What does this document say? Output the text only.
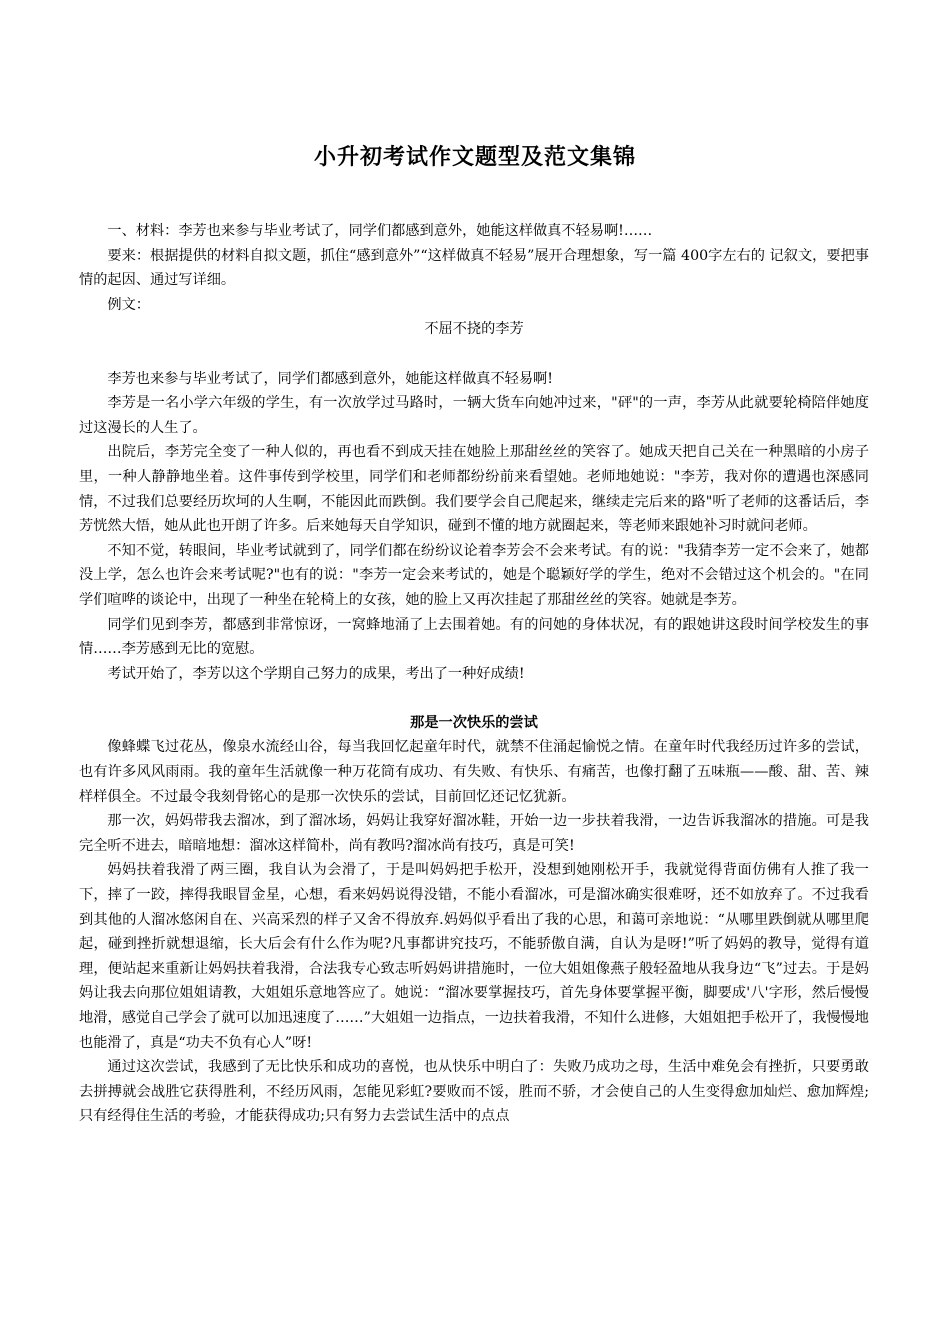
小升初考试作文题型及范文集锦

一、材料：李芳也来参与毕业考试了，同学们都感到意外，她能这样做真不轻易啊!……

要来：根据提供的材料自拟文题，抓住“感到意外”“这样做真不轻易”展开合理想象，写一篇 400字左右的 记叙文，要把事情的起因、通过写详细。

例文：

不屈不挠的李芳

李芳也来参与毕业考试了，同学们都感到意外，她能这样做真不轻易啊!

李芳是一名小学六年级的学生，有一次放学过马路时，一辆大货车向她冲过来，"砰"的一声，李芳从此就要轮椅陪伴她度过这漫长的人生了。

出院后，李芳完全变了一种人似的，再也看不到成天挂在她脸上那甜丝丝的笑容了。她成天把自己关在一种黑暗的小房子里，一种人静静地坐着。这件事传到学校里，同学们和老师都纷纷前来看望她。老师地她说："李芳，我对你的遭遇也深感同情，不过我们总要经历坎坷的人生啊，不能因此而跌倒。我们要学会自己爬起来，继续走完后来的路"听了老师的这番话后，李芳恍然大悟，她从此也开朗了许多。后来她每天自学知识，碰到不懂的地方就圈起来，等老师来跟她补习时就问老师。

不知不觉，转眼间，毕业考试就到了，同学们都在纷纷议论着李芳会不会来考试。有的说："我猜李芳一定不会来了，她都没上学，怎么也许会来考试呢?"也有的说："李芳一定会来考试的，她是个聪颖好学的学生，绝对不会错过这个机会的。"在同学们喧哗的谈论中，出现了一种坐在轮椅上的女孩，她的脸上又再次挂起了那甜丝丝的笑容。她就是李芳。

同学们见到李芳，都感到非常惊讶，一窝蜂地涌了上去围着她。有的问她的身体状况，有的跟她讲这段时间学校发生的事情……李芳感到无比的宽慰。

考试开始了，李芳以这个学期自己努力的成果，考出了一种好成绩!

那是一次快乐的尝试

像蜂蝶飞过花丛，像泉水流经山谷，每当我回忆起童年时代，就禁不住涌起愉悦之情。在童年时代我经历过许多的尝试，也有许多风风雨雨。我的童年生活就像一种万花筒有成功、有失败、有快乐、有痛苦，也像打翻了五味瓶——酸、甜、苦、辣样样俱全。不过最令我刻骨铭心的是那一次快乐的尝试，目前回忆还记忆犹新。

那一次，妈妈带我去溜冰，到了溜冰场，妈妈让我穿好溜冰鞋，开始一边一步扶着我滑，一边告诉我溜冰的措施。可是我完全听不进去，暗暗地想：溜冰这样简朴，尚有教吗?溜冰尚有技巧，真是可笑!

妈妈扶着我滑了两三圈，我自认为会滑了，于是叫妈妈把手松开，没想到她刚松开手，我就觉得背面仿佛有人推了我一下，摔了一跤，摔得我眼冒金星，心想，看来妈妈说得没错，不能小看溜冰，可是溜冰确实很难呀，还不如放弃了。不过我看到其他的人溜冰悠闲自在、兴高采烈的样子又舍不得放弃.妈妈似乎看出了我的心思，和蔼可亲地说：“从哪里跌倒就从哪里爬起，碰到挫折就想退缩，长大后会有什么作为呢?凡事都讲究技巧，不能骄傲自满，自认为是呀!”听了妈妈的教导，觉得有道理，便站起来重新让妈妈扶着我滑，合法我专心致志听妈妈讲措施时，一位大姐姐像燕子般轻盈地从我身边“飞”过去。于是妈妈让我去向那位姐姐请教，大姐姐乐意地答应了。她说：“溜冰要掌握技巧，首先身体要掌握平衡，脚要成'八'字形，然后慢慢地滑，感觉自己学会了就可以加迅速度了……”大姐姐一边指点，一边扶着我滑，不知什么进修，大姐姐把手松开了，我慢慢地也能滑了，真是“功夫不负有心人”呀!

通过这次尝试，我感到了无比快乐和成功的喜悦，也从快乐中明白了：失败乃成功之母，生活中难免会有挫折，只要勇敢去拼搏就会战胜它获得胜利，不经历风雨，怎能见彩虹?要败而不馁，胜而不骄，才会使自己的人生变得愈加灿烂、愈加辉煌;只有经得住生活的考验，才能获得成功;只有努力去尝试生活中的点点
